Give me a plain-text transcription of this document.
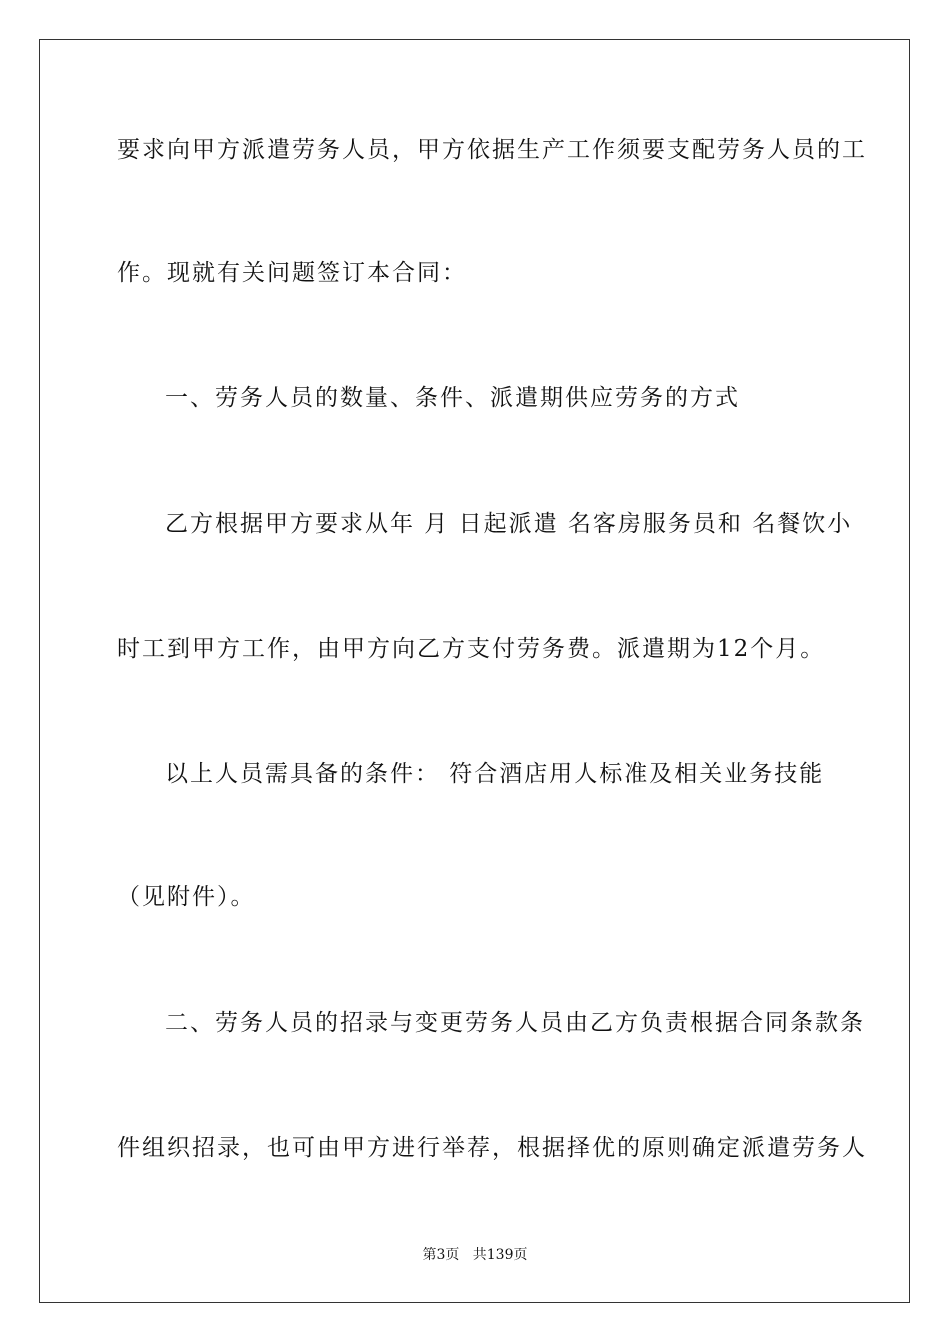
要求向甲方派遣劳务人员，甲方依据生产工作须要支配劳务人员的工
作。现就有关问题签订本合同：
一、劳务人员的数量、条件、派遣期供应劳务的方式
乙方根据甲方要求从年 月 日起派遣 名客房服务员和 名餐饮小
时工到甲方工作，由甲方向乙方支付劳务费。派遣期为12个月。
以上人员需具备的条件： 符合酒店用人标准及相关业务技能
（见附件）。
二、劳务人员的招录与变更劳务人员由乙方负责根据合同条款条
件组织招录，也可由甲方进行举荐，根据择优的原则确定派遣劳务人
第3页 共139页
